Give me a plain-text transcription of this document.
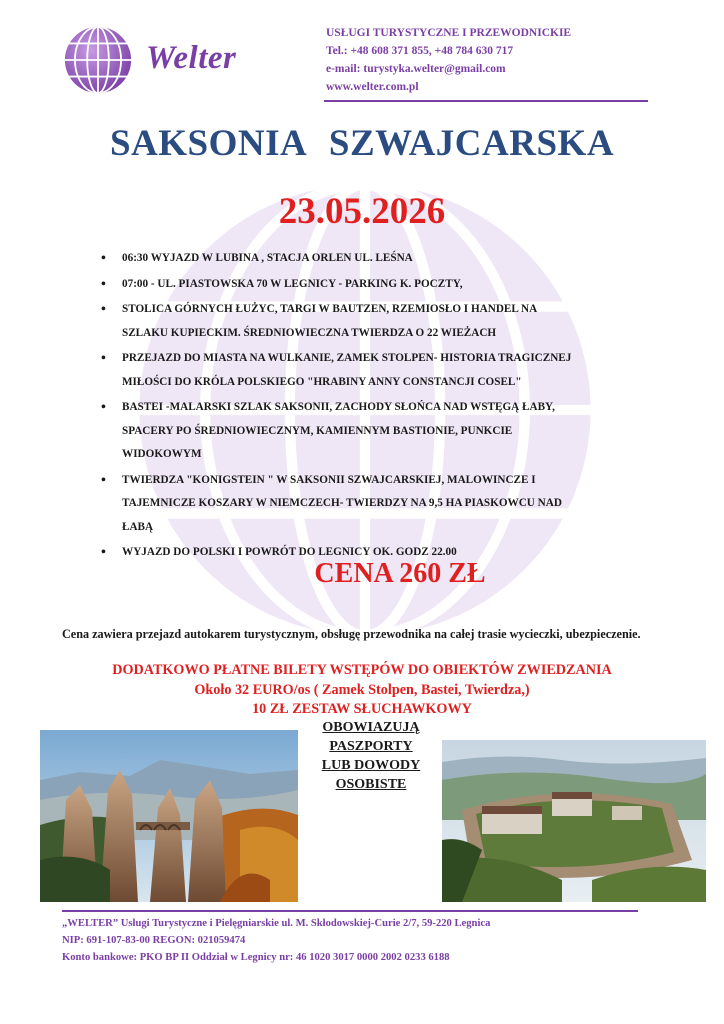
Welter
USŁUGI TURYSTYCZNE I PRZEWODNICKIE
Tel.: +48 608 371 855, +48 784 630 717
e-mail: turystyka.welter@gmail.com
www.welter.com.pl
SAKSONIA SZWAJCARSKA
23.05.2026
• 06:30 WYJAZD W LUBINA , STACJA ORLEN UL. LEŚNA
• 07:00 - UL. PIASTOWSKA 70 W LEGNICY - PARKING K. POCZTY,
• STOLICA GÓRNYCH ŁUŻYC, TARGI W BAUTZEN, RZEMIOSŁO I HANDEL NA
SZLAKU KUPIECKIM. ŚREDNIOWIECZNA TWIERDZA O 22 WIEŻACH
• PRZEJAZD DO MIASTA NA WULKANIE, ZAMEK STOLPEN- HISTORIA TRAGICZNEJ
MIŁOŚCI DO KRÓLA POLSKIEGO "HRABINY ANNY CONSTANCJI COSEL"
• BASTEI -MALARSKI SZLAK SAKSONII, ZACHODY SŁOŃCA NAD WSTĘGĄ ŁABY,
SPACERY PO ŚREDNIOWIECZNYM, KAMIENNYM BASTIONIE, PUNKCIE
WIDOKOWYM
• TWIERDZA "KONIGSTEIN " W SAKSONII SZWAJCARSKIEJ, MALOWINCZE I
TAJEMNICZE KOSZARY W NIEMCZECH- TWIERDZY NA 9,5 HA PIASKOWCU NAD
ŁABĄ
• WYJAZD DO POLSKI I POWRÓT DO LEGNICY OK. GODZ 22.00
CENA 260 ZŁ
Cena zawiera przejazd autokarem turystycznym, obsługę przewodnika na całej trasie wycieczki, ubezpieczenie.
DODATKOWO PŁATNE BILETY WSTĘPÓW DO OBIEKTÓW ZWIEDZANIA
Około 32 EURO/os ( Zamek Stolpen, Bastei, Twierdza,)
10 ZŁ ZESTAW SŁUCHAWKOWY
OBOWIAZUJĄ
PASZPORTY
LUB DOWODY
OSOBISTE
„WELTER” Usługi Turystyczne i Pielęgniarskie ul. M. Skłodowskiej-Curie 2/7, 59-220 Legnica
NIP: 691-107-83-00 REGON: 021059474
Konto bankowe: PKO BP II Oddział w Legnicy nr: 46 1020 3017 0000 2002 0233 6188
